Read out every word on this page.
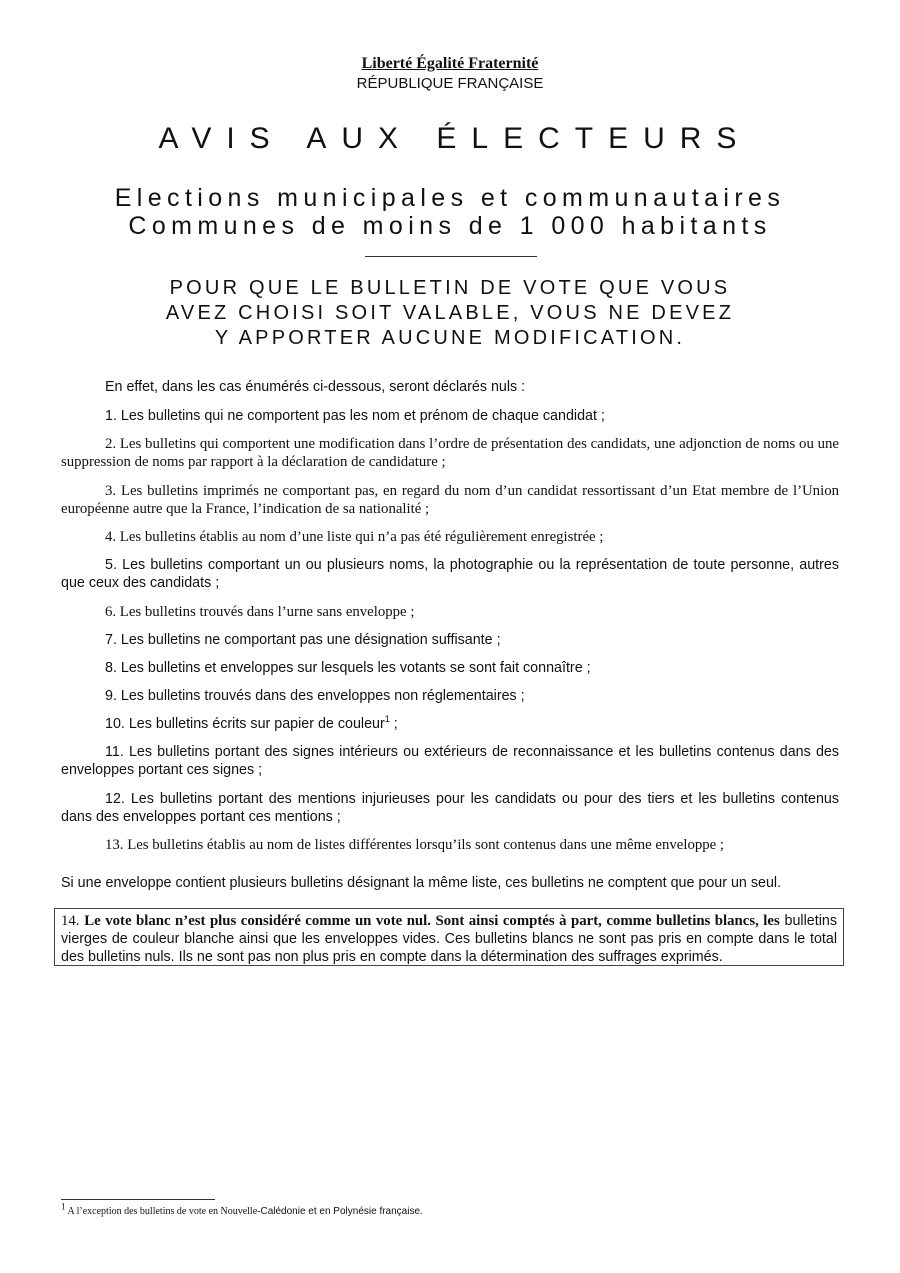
Liberté Égalité Fraternité
RÉPUBLIQUE FRANÇAISE
AVIS AUX ÉLECTEURS
Elections municipales et communautaires
Communes de moins de 1 000 habitants
POUR QUE LE BULLETIN DE VOTE QUE VOUS
AVEZ CHOISI SOIT VALABLE, VOUS NE DEVEZ
Y APPORTER AUCUNE MODIFICATION.
En effet, dans les cas énumérés ci-dessous, seront déclarés nuls :
1. Les bulletins qui ne comportent pas les nom et prénom de chaque candidat ;
2. Les bulletins qui comportent une modification dans l’ordre de présentation des candidats, une adjonction de noms ou une suppression de noms par rapport à la déclaration de candidature ;
3. Les bulletins imprimés ne comportant pas, en regard du nom d’un candidat ressortissant d’un Etat membre de l’Union européenne autre que la France, l’indication de sa nationalité ;
4. Les bulletins établis au nom d’une liste qui n’a pas été régulièrement enregistrée ;
5. Les bulletins comportant un ou plusieurs noms, la photographie ou la représentation de toute personne, autres que ceux des candidats ;
6. Les bulletins trouvés dans l’urne sans enveloppe ;
7. Les bulletins ne comportant pas une désignation suffisante ;
8. Les bulletins et enveloppes sur lesquels les votants se sont fait connaître ;
9. Les bulletins trouvés dans des enveloppes non réglementaires ;
10. Les bulletins écrits sur papier de couleur$^1$ ;
11. Les bulletins portant des signes intérieurs ou extérieurs de reconnaissance et les bulletins contenus dans des enveloppes portant ces signes ;
12. Les bulletins portant des mentions injurieuses pour les candidats ou pour des tiers et les bulletins contenus dans des enveloppes portant ces mentions ;
13. Les bulletins établis au nom de listes différentes lorsqu’ils sont contenus dans une même enveloppe ;
Si une enveloppe contient plusieurs bulletins désignant la même liste, ces bulletins ne comptent que pour un seul.
14. Le vote blanc n’est plus considéré comme un vote nul. Sont ainsi comptés à part, comme bulletins blancs, les bulletins vierges de couleur blanche ainsi que les enveloppes vides. Ces bulletins blancs ne sont pas pris en compte dans le total des bulletins nuls. Ils ne sont pas non plus pris en compte dans la détermination des suffrages exprimés.
1 A l’exception des bulletins de vote en Nouvelle-Calédonie et en Polynésie française.
